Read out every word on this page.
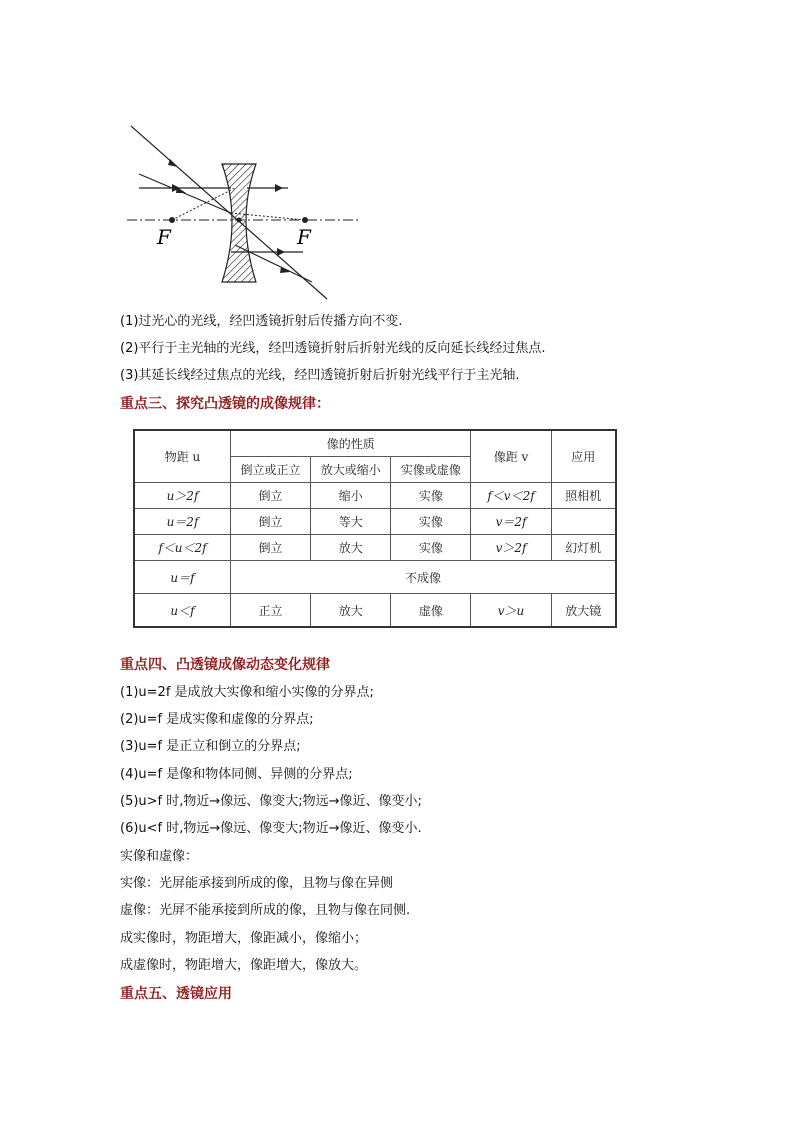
F	F
(1)过光心的光线，经凹透镜折射后传播方向不变.
(2)平行于主光轴的光线，经凹透镜折射后折射光线的反向延长线经过焦点.
(3)其延长线经过焦点的光线，经凹透镜折射后折射光线平行于主光轴.
重点三、探究凸透镜的成像规律：
物距 u	像的性质			像距 v	应用
	倒立或正立	放大或缩小	实像或虚像		
u＞2f	倒立	缩小	实像	f＜v＜2f	照相机
u＝2f	倒立	等大	实像	v＝2f	
f＜u＜2f	倒立	放大	实像	v＞2f	幻灯机
u＝f	不成像				
u＜f	正立	放大	虚像	v＞u	放大镜
重点四、凸透镜成像动态变化规律
(1)u=2f 是成放大实像和缩小实像的分界点;
(2)u=f 是成实像和虚像的分界点;
(3)u=f 是正立和倒立的分界点;
(4)u=f 是像和物体同侧、异侧的分界点;
(5)u>f 时,物近→像远、像变大;物远→像近、像变小;
(6)u<f 时,物远→像远、像变大;物近→像近、像变小.
实像和虚像：
实像：光屏能承接到所成的像，且物与像在异侧
虚像：光屏不能承接到所成的像，且物与像在同侧.
成实像时，物距增大，像距减小，像缩小；
成虚像时，物距增大，像距增大，像放大。
重点五、透镜应用
